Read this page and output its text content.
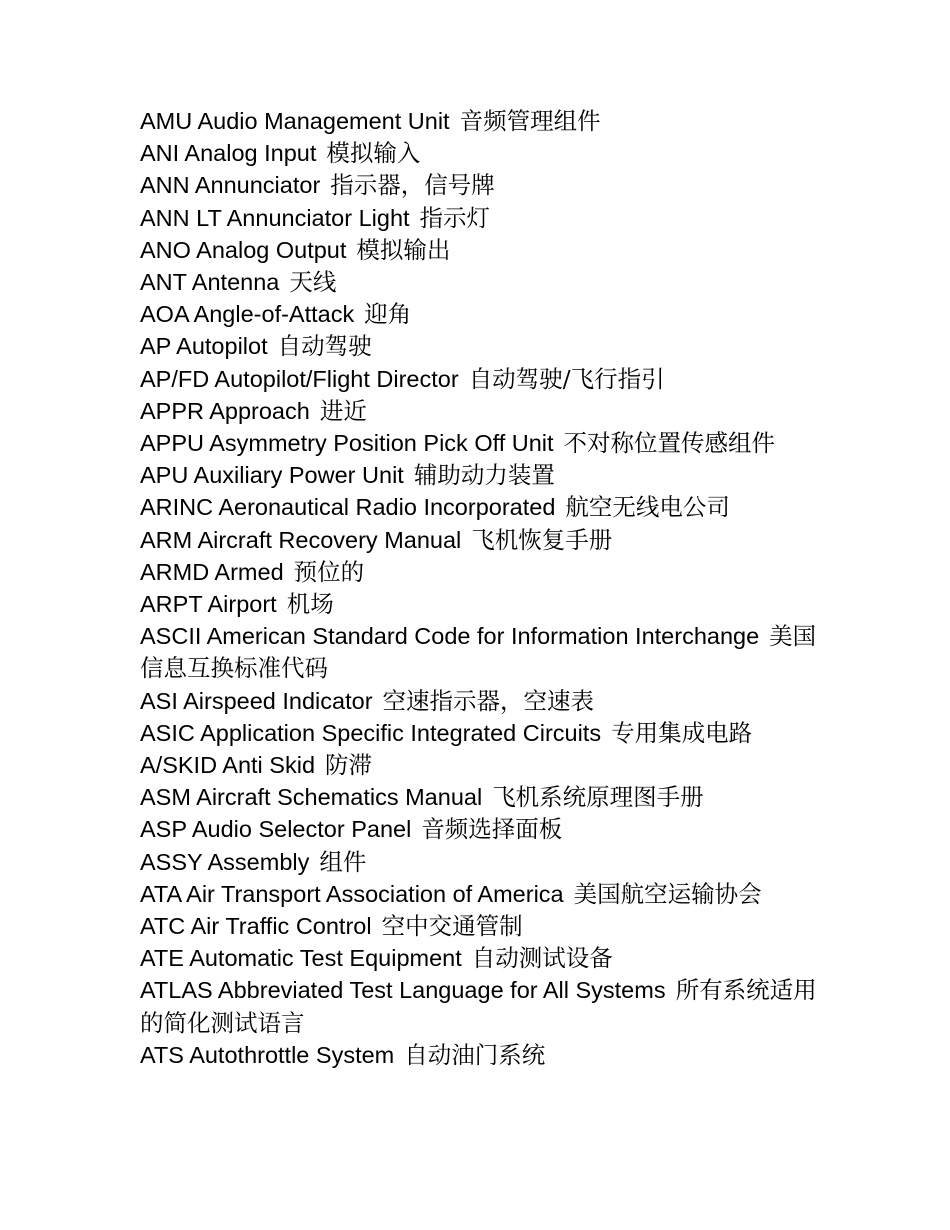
AMU Audio Management Unit 音频管理组件
ANI Analog Input 模拟输入
ANN Annunciator 指示器，信号牌
ANN LT Annunciator Light 指示灯
ANO Analog Output 模拟输出
ANT Antenna 天线
AOA Angle-of-Attack 迎角
AP Autopilot 自动驾驶
AP/FD Autopilot/Flight Director 自动驾驶/飞行指引
APPR Approach 进近
APPU Asymmetry Position Pick Off Unit 不对称位置传感组件
APU Auxiliary Power Unit 辅助动力装置
ARINC Aeronautical Radio Incorporated 航空无线电公司
ARM Aircraft Recovery Manual 飞机恢复手册
ARMD Armed 预位的
ARPT Airport 机场
ASCII American Standard Code for Information Interchange 美国信息互换标准代码
ASI Airspeed Indicator 空速指示器，空速表
ASIC Application Specific Integrated Circuits 专用集成电路
A/SKID Anti Skid 防滞
ASM Aircraft Schematics Manual 飞机系统原理图手册
ASP Audio Selector Panel 音频选择面板
ASSY Assembly 组件
ATA Air Transport Association of America 美国航空运输协会
ATC Air Traffic Control 空中交通管制
ATE Automatic Test Equipment 自动测试设备
ATLAS Abbreviated Test Language for All Systems 所有系统适用的简化测试语言
ATS Autothrottle System 自动油门系统
